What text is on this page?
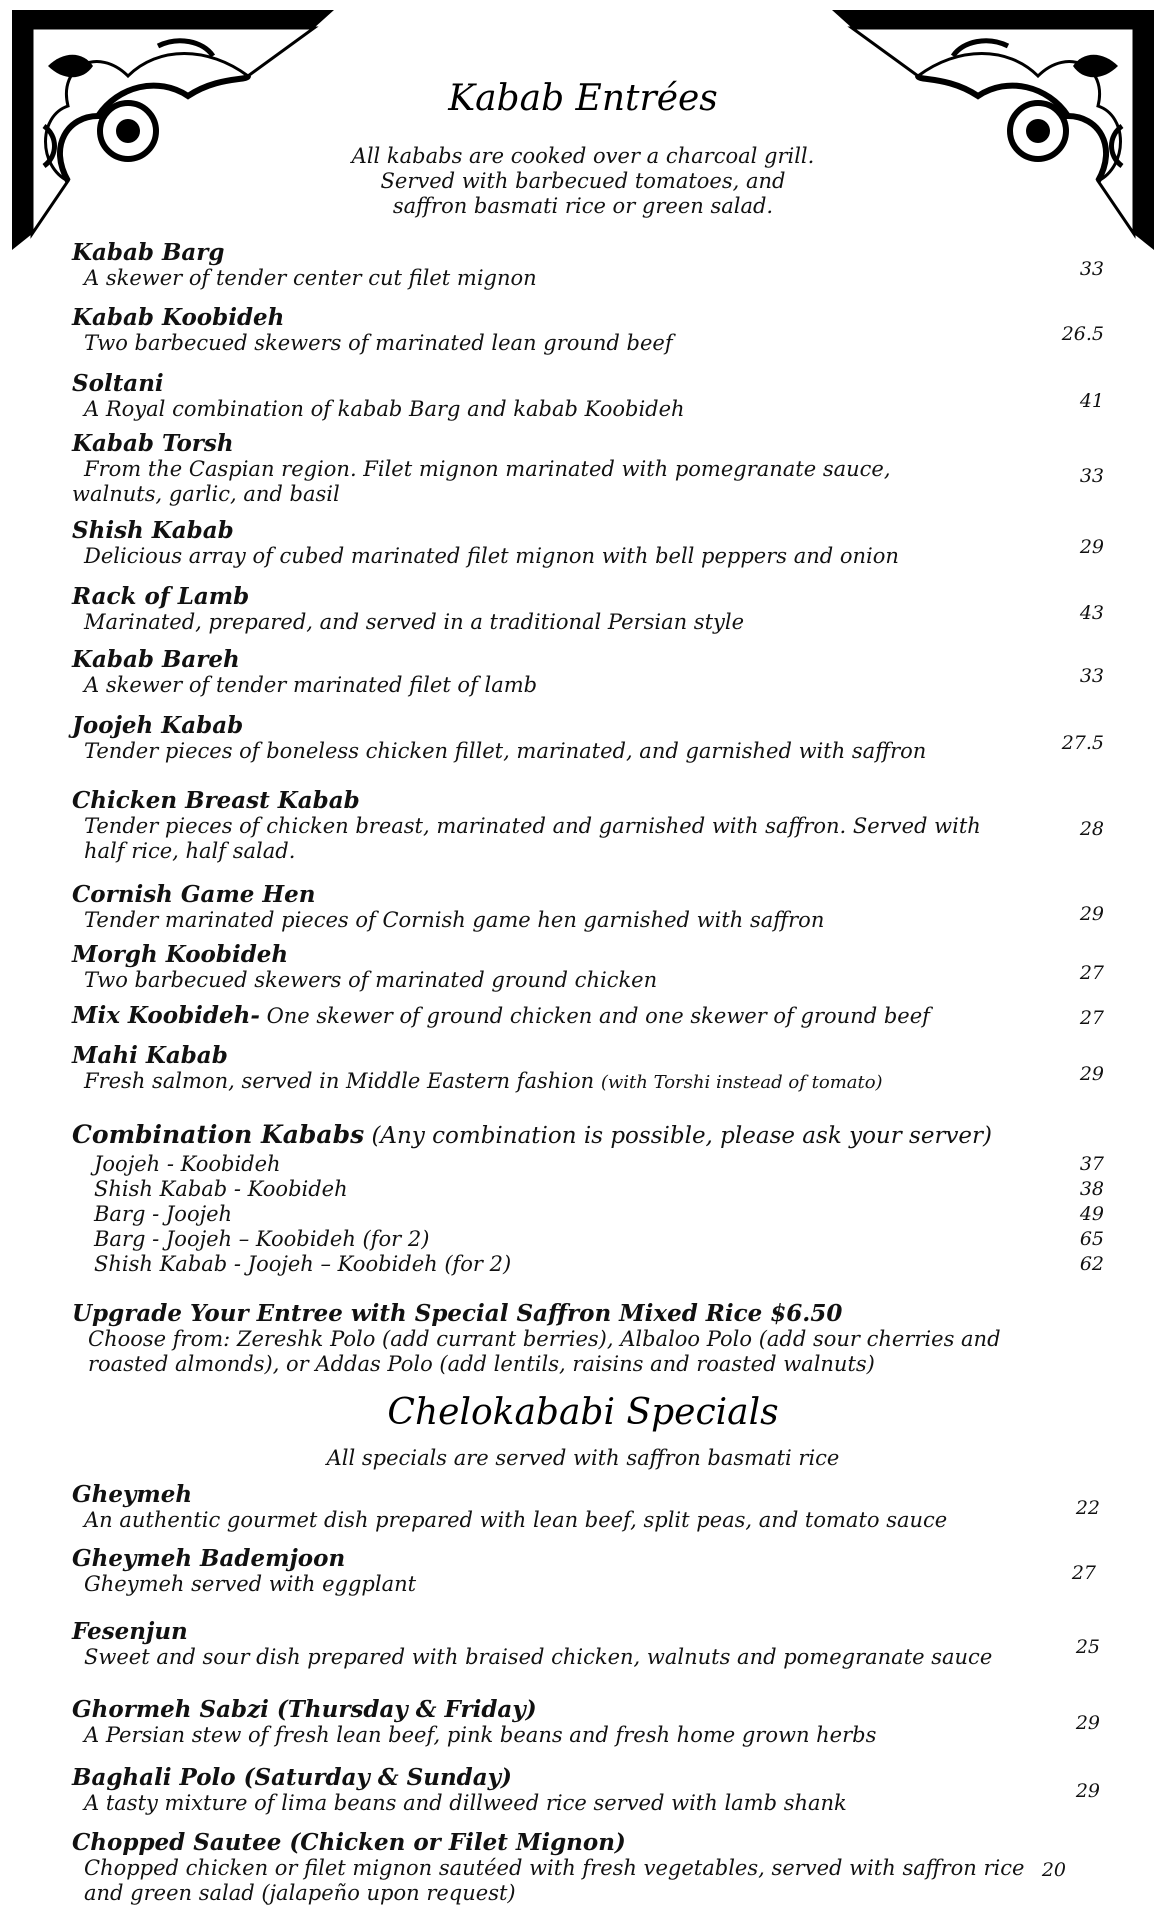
Kabab Entrées
All kababs are cooked over a charcoal grill.
Served with barbecued tomatoes, and
saffron basmati rice or green salad.
Kabab Barg
A skewer of tender center cut filet mignon	33
Kabab Koobideh
Two barbecued skewers of marinated lean ground beef	26.5
Soltani
A Royal combination of kabab Barg and kabab Koobideh	41
Kabab Torsh
From the Caspian region. Filet mignon marinated with pomegranate sauce, walnuts, garlic, and basil
33
Shish Kabab
Delicious array of cubed marinated filet mignon with bell peppers and onion	29
Rack of Lamb
Marinated, prepared, and served in a traditional Persian style	43
Kabab Bareh
A skewer of tender marinated filet of lamb	33
Joojeh Kabab
Tender pieces of boneless chicken fillet, marinated, and garnished with saffron	27.5
Chicken Breast Kabab
Tender pieces of chicken breast, marinated and garnished with saffron. Served with half rice, half salad.
28
Cornish Game Hen
Tender marinated pieces of Cornish game hen garnished with saffron	29
Morgh Koobideh
Two barbecued skewers of marinated ground chicken	27
Mix Koobideh- One skewer of ground chicken and one skewer of ground beef	27
Mahi Kabab
Fresh salmon, served in Middle Eastern fashion (with Torshi instead of tomato)	29
Combination Kababs (Any combination is possible, please ask your server)
Joojeh - Koobideh	37
Shish Kabab - Koobideh	38
Barg - Joojeh	49
Barg - Joojeh – Koobideh (for 2)	65
Shish Kabab - Joojeh – Koobideh (for 2)	62
Upgrade Your Entree with Special Saffron Mixed Rice $6.50
Choose from: Zereshk Polo (add currant berries), Albaloo Polo (add sour cherries and roasted almonds), or Addas Polo (add lentils, raisins and roasted walnuts)
Chelokababi Specials
All specials are served with saffron basmati rice
Gheymeh
An authentic gourmet dish prepared with lean beef, split peas, and tomato sauce	22
Gheymeh Bademjoon
Gheymeh served with eggplant	27
Fesenjun
Sweet and sour dish prepared with braised chicken, walnuts and pomegranate sauce	25
Ghormeh Sabzi (Thursday & Friday)
A Persian stew of fresh lean beef, pink beans and fresh home grown herbs	29
Baghali Polo (Saturday & Sunday)
A tasty mixture of lima beans and dillweed rice served with lamb shank	29
Chopped Sautee (Chicken or Filet Mignon)
Chopped chicken or filet mignon sautéed with fresh vegetables, served with saffron rice and green salad (jalapeño upon request)
20
